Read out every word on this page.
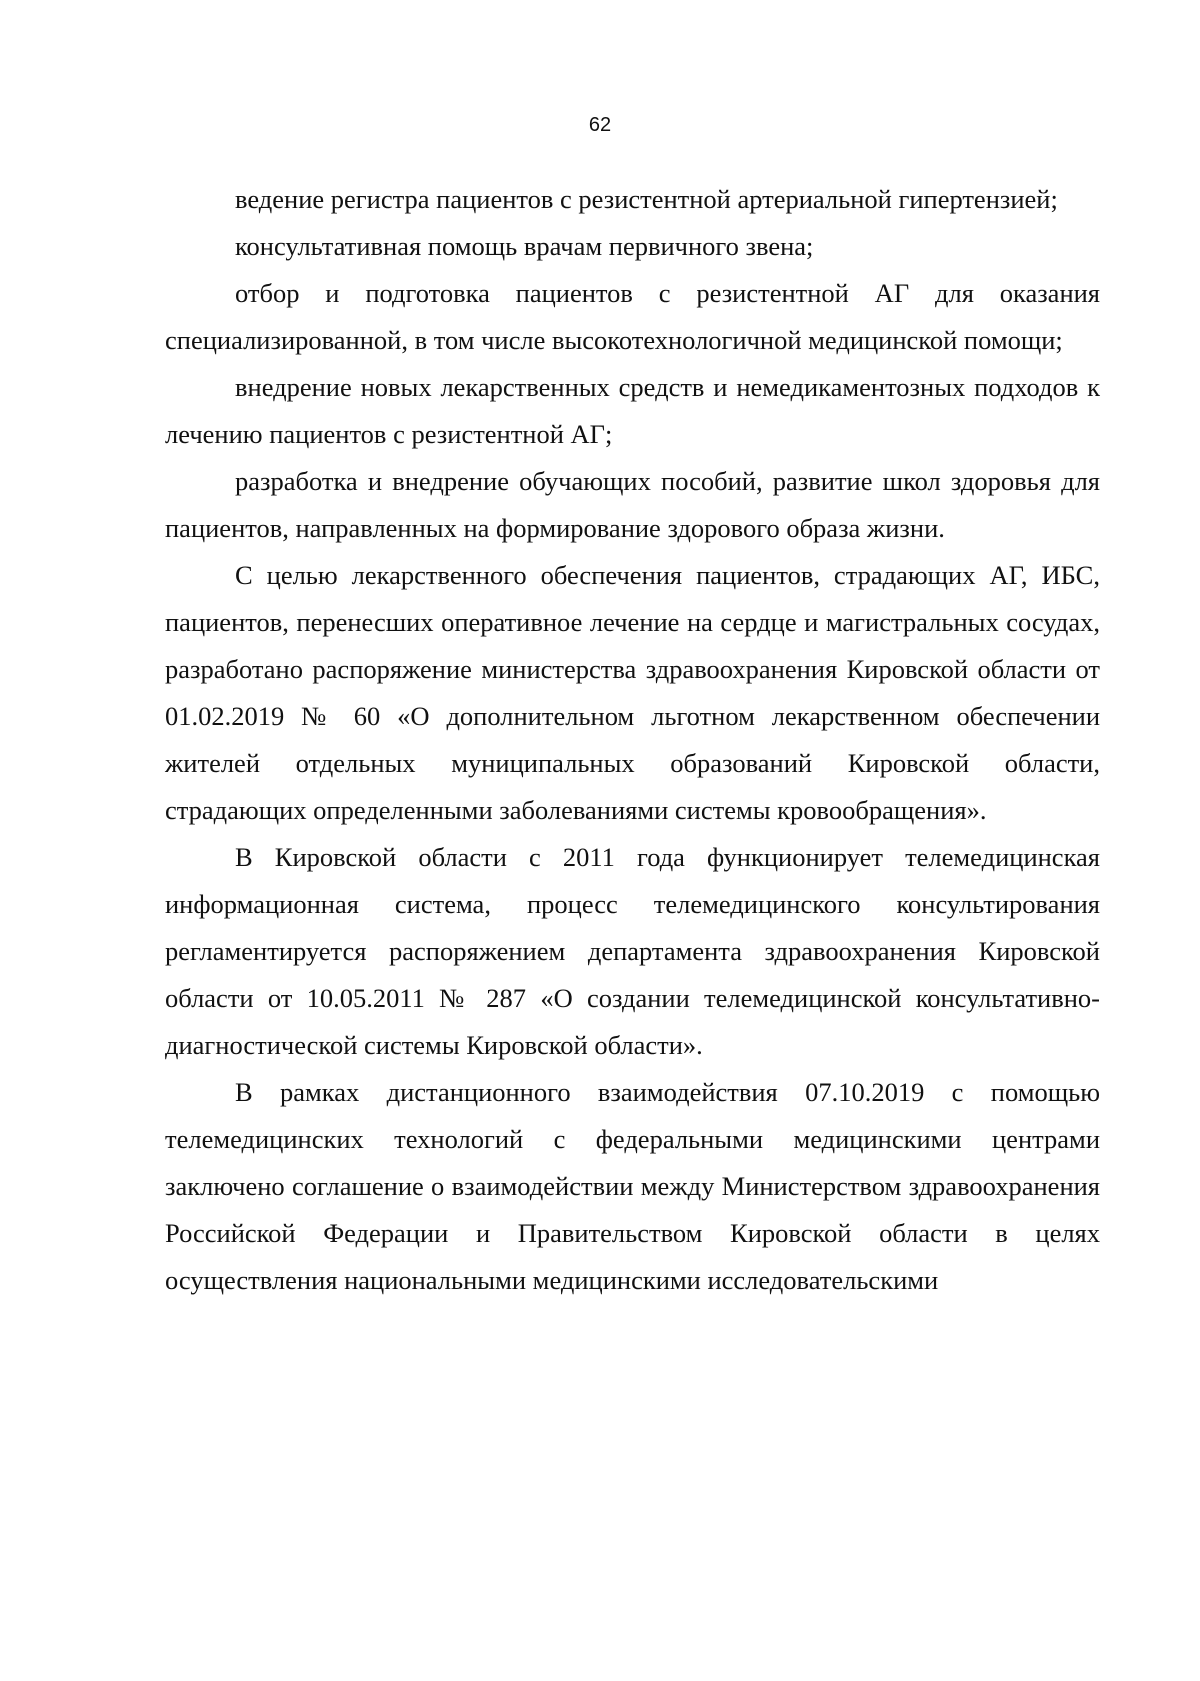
62

ведение регистра пациентов с резистентной артериальной гипертензией;

консультативная помощь врачам первичного звена;

отбор и подготовка пациентов с резистентной АГ для оказания специализированной, в том числе высокотехнологичной медицинской помощи;

внедрение новых лекарственных средств и немедикаментозных подходов к лечению пациентов с резистентной АГ;

разработка и внедрение обучающих пособий, развитие школ здоровья для пациентов, направленных на формирование здорового образа жизни.

С целью лекарственного обеспечения пациентов, страдающих АГ, ИБС, пациентов, перенесших оперативное лечение на сердце и магистральных сосудах, разработано распоряжение министерства здравоохранения Кировской области от 01.02.2019 № 60 «О дополнительном льготном лекарственном обеспечении жителей отдельных муниципальных образований Кировской области, страдающих определенными заболеваниями системы кровообращения».

В Кировской области с 2011 года функционирует телемедицинская информационная система, процесс телемедицинского консультирования регламентируется распоряжением департамента здравоохранения Кировской области от 10.05.2011 № 287 «О создании телемедицинской консультативно-диагностической системы Кировской области».

В рамках дистанционного взаимодействия 07.10.2019 с помощью телемедицинских технологий с федеральными медицинскими центрами заключено соглашение о взаимодействии между Министерством здравоохранения Российской Федерации и Правительством Кировской области в целях осуществления национальными медицинскими исследовательскими
